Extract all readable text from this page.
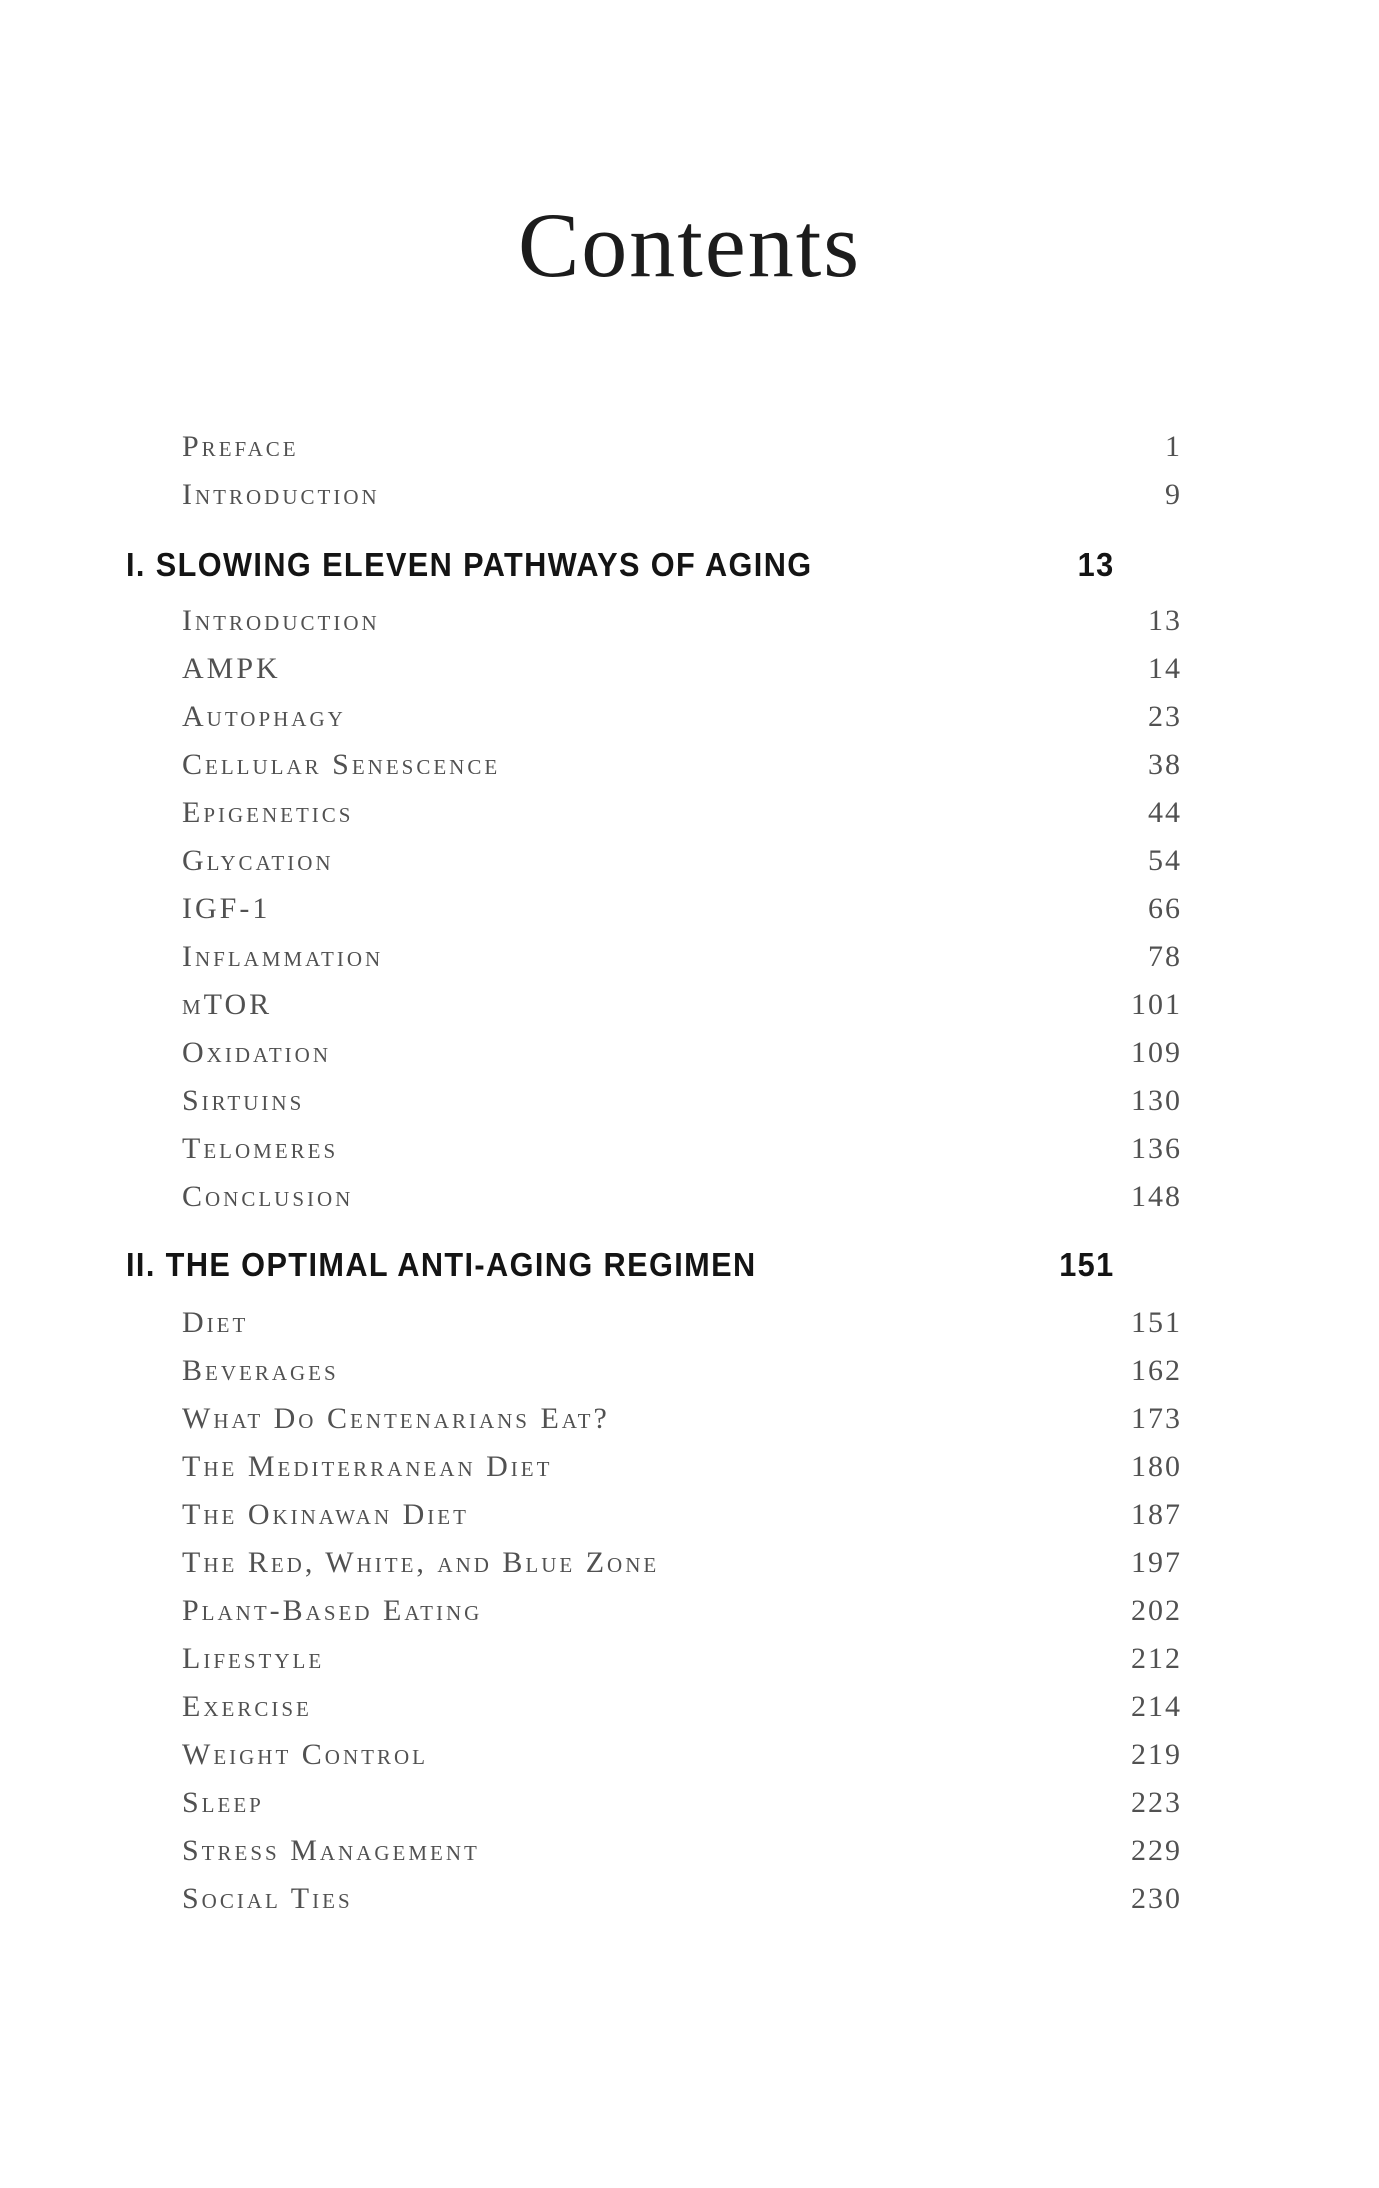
Contents
Preface	1
Introduction	9
I. SLOWING ELEVEN PATHWAYS OF AGING	13
Introduction	13
AMPK	14
Autophagy	23
Cellular Senescence	38
Epigenetics	44
Glycation	54
IGF-1	66
Inflammation	78
mTOR	101
Oxidation	109
Sirtuins	130
Telomeres	136
Conclusion	148
II. THE OPTIMAL ANTI-AGING REGIMEN	151
Diet	151
Beverages	162
What Do Centenarians Eat?	173
The Mediterranean Diet	180
The Okinawan Diet	187
The Red, White, and Blue Zone	197
Plant-Based Eating	202
Lifestyle	212
Exercise	214
Weight Control	219
Sleep	223
Stress Management	229
Social Ties	230
